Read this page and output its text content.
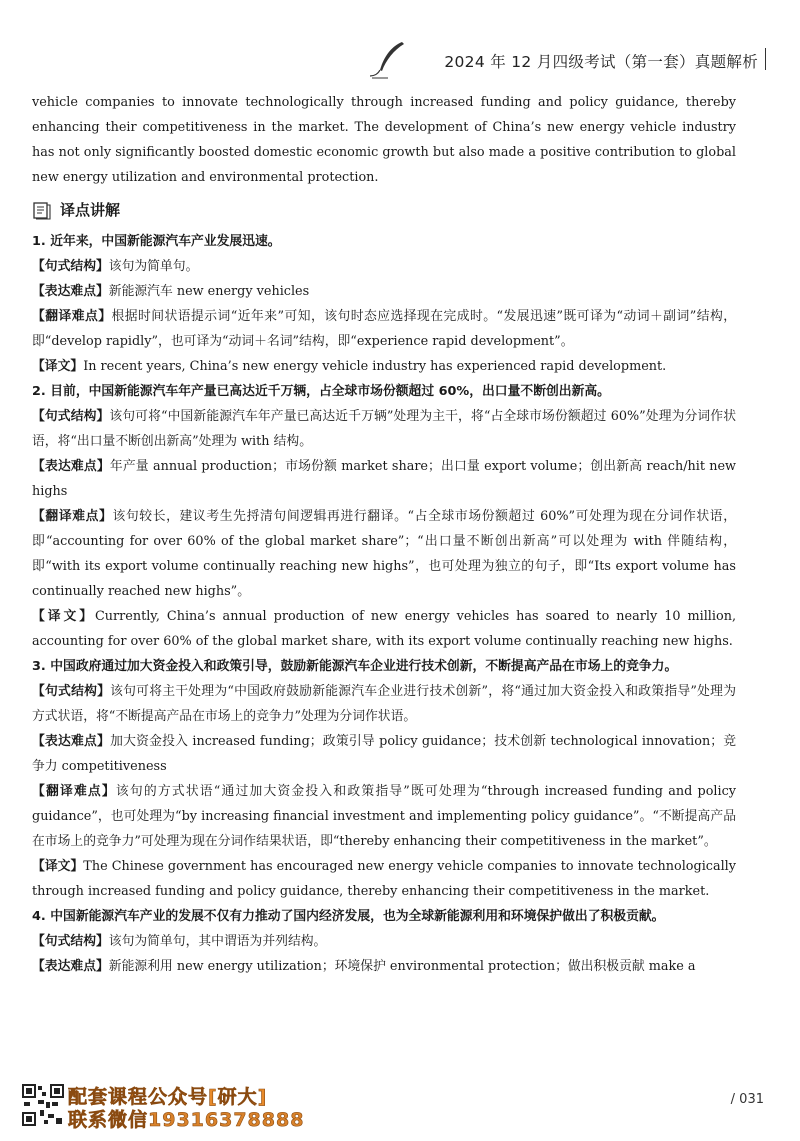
2024 年 12 月四级考试（第一套）真题解析

vehicle companies to innovate technologically through increased funding and policy guidance, thereby enhancing their competitiveness in the market. The development of China’s new energy vehicle industry has not only significantly boosted domestic economic growth but also made a positive contribution to global new energy utilization and environmental protection.

译点讲解

1. 近年来，中国新能源汽车产业发展迅速。

【句式结构】该句为简单句。

【表达难点】新能源汽车 new energy vehicles

【翻译难点】根据时间状语提示词“近年来”可知，该句时态应选择现在完成时。“发展迅速”既可译为“动词＋副词”结构，即“develop rapidly”，也可译为“动词＋名词”结构，即“experience rapid development”。

【译文】In recent years, China’s new energy vehicle industry has experienced rapid development.

2. 目前，中国新能源汽车年产量已高达近千万辆，占全球市场份额超过 60%，出口量不断创出新高。

【句式结构】该句可将“中国新能源汽车年产量已高达近千万辆”处理为主干，将“占全球市场份额超过 60%”处理为分词作状语，将“出口量不断创出新高”处理为 with 结构。

【表达难点】年产量 annual production；市场份额 market share；出口量 export volume；创出新高 reach/hit new highs

【翻译难点】该句较长，建议考生先捋清句间逻辑再进行翻译。“占全球市场份额超过 60%”可处理为现在分词作状语，即“accounting for over 60% of the global market share”；“出口量不断创出新高”可以处理为 with 伴随结构，即“with its export volume continually reaching new highs”，也可处理为独立的句子，即“Its export volume has continually reached new highs”。

【译文】Currently, China’s annual production of new energy vehicles has soared to nearly 10 million, accounting for over 60% of the global market share, with its export volume continually reaching new highs.

3. 中国政府通过加大资金投入和政策引导，鼓励新能源汽车企业进行技术创新，不断提高产品在市场上的竞争力。

【句式结构】该句可将主干处理为“中国政府鼓励新能源汽车企业进行技术创新”，将“通过加大资金投入和政策指导”处理为方式状语，将“不断提高产品在市场上的竞争力”处理为分词作状语。

【表达难点】加大资金投入 increased funding；政策引导 policy guidance；技术创新 technological innovation；竞争力 competitiveness

【翻译难点】该句的方式状语“通过加大资金投入和政策指导”既可处理为“through increased funding and policy guidance”，也可处理为“by increasing financial investment and implementing policy guidance”。“不断提高产品在市场上的竞争力”可处理为现在分词作结果状语，即“thereby enhancing their competitiveness in the market”。

【译文】The Chinese government has encouraged new energy vehicle companies to innovate technologically through increased funding and policy guidance, thereby enhancing their competitiveness in the market.

4. 中国新能源汽车产业的发展不仅有力推动了国内经济发展，也为全球新能源利用和环境保护做出了积极贡献。

【句式结构】该句为简单句，其中谓语为并列结构。

【表达难点】新能源利用 new energy utilization；环境保护 environmental protection；做出积极贡献 make a

配套课程公众号[研大]
联系微信19316378888
/ 031
